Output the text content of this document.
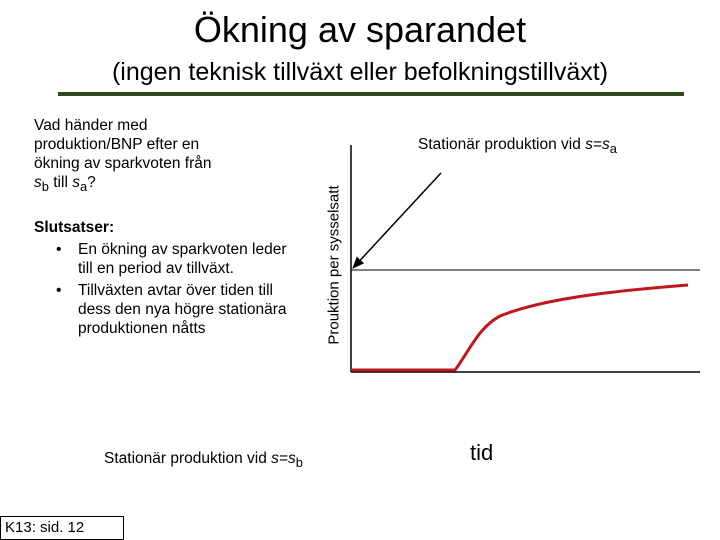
Ökning av sparandet
(ingen teknisk tillväxt eller befolkningstillväxt)
Vad händer med
produktion/BNP efter en
ökning av sparkvoten från
$s_b$ till $s_a$?
Slutsatser:
• En ökning av sparkvoten leder till en period av tillväxt.
• Tillväxten avtar över tiden till dess den nya högre stationära produktionen nåtts	Prouktion per sysselsatt
Stationär produktion vid $s=s_a$
Stationär produktion vid $s=s_b$	tid
K13: sid. 12
